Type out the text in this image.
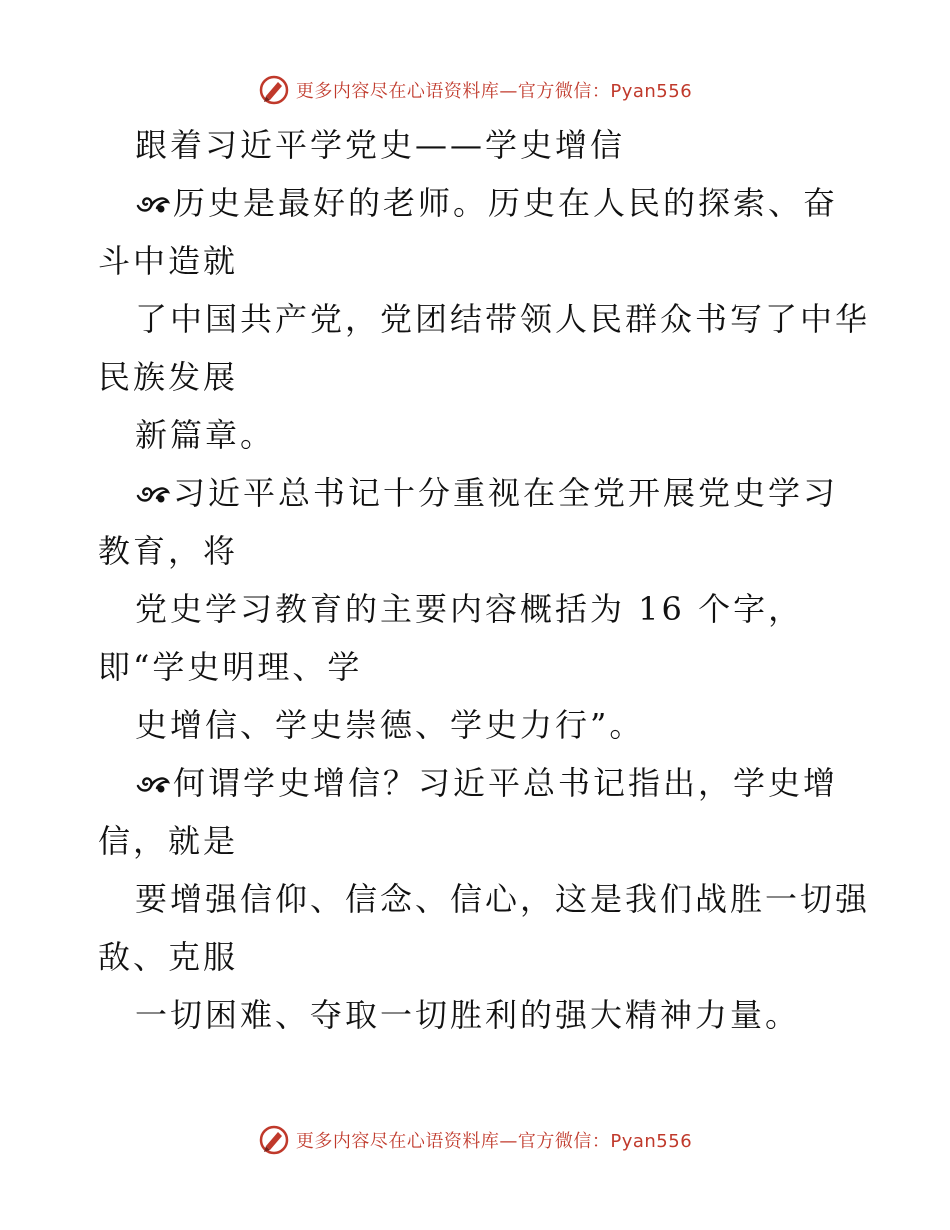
更多内容尽在心语资料库—官方微信：Pyan556
跟着习近平学党史——学史增信
历史是最好的老师。历史在人民的探索、奋
斗中造就
了中国共产党，党团结带领人民群众书写了中华
民族发展
新篇章。
习近平总书记十分重视在全党开展党史学习
教育，将
党史学习教育的主要内容概括为 16 个字，
即“学史明理、学
史增信、学史崇德、学史力行”。
何谓学史增信？习近平总书记指出，学史增
信，就是
要增强信仰、信念、信心，这是我们战胜一切强
敌、克服
一切困难、夺取一切胜利的强大精神力量。
更多内容尽在心语资料库—官方微信：Pyan556
